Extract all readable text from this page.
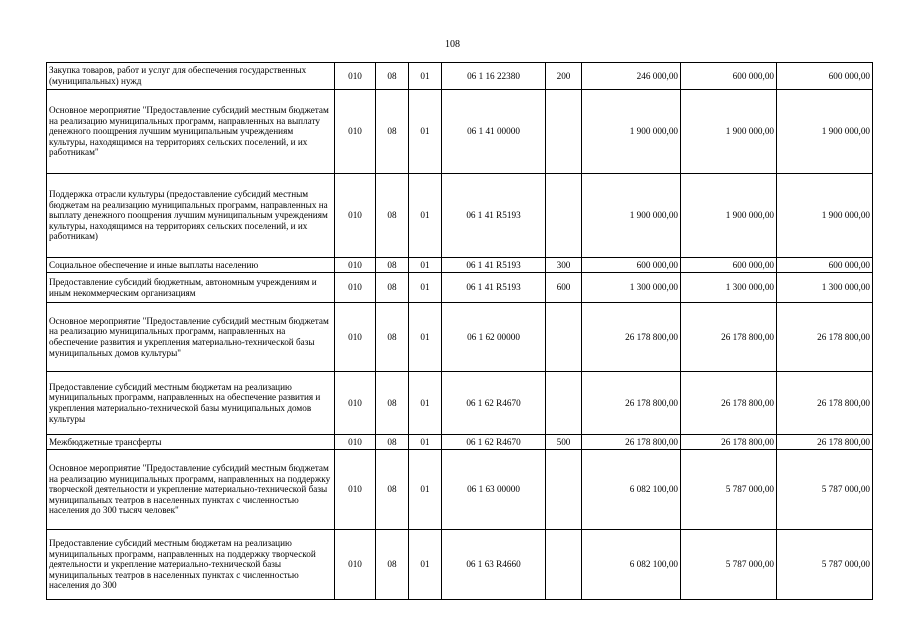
108
Закупка товаров, работ и услуг для обеспечения государственных (муниципальных) нужд	010	08	01	06 1 16 22380	200	246 000,00	600 000,00	600 000,00
Основное мероприятие "Предоставление субсидий местным бюджетам на реализацию муниципальных программ, направленных на выплату денежного поощрения лучшим муниципальным учреждениям культуры, находящимся на территориях сельских поселений, и их работникам"	010	08	01	06 1 41 00000		1 900 000,00	1 900 000,00	1 900 000,00
Поддержка отрасли культуры (предоставление субсидий местным бюджетам на реализацию муниципальных программ, направленных на выплату денежного поощрения лучшим муниципальным учреждениям культуры, находящимся на территориях сельских поселений, и их работникам)	010	08	01	06 1 41 R5193		1 900 000,00	1 900 000,00	1 900 000,00
Социальное обеспечение и иные выплаты населению	010	08	01	06 1 41 R5193	300	600 000,00	600 000,00	600 000,00
Предоставление субсидий бюджетным, автономным учреждениям и иным некоммерческим организациям	010	08	01	06 1 41 R5193	600	1 300 000,00	1 300 000,00	1 300 000,00
Основное мероприятие "Предоставление субсидий местным бюджетам на реализацию муниципальных программ, направленных на обеспечение развития и укрепления материально-технической базы муниципальных домов культуры"	010	08	01	06 1 62 00000		26 178 800,00	26 178 800,00	26 178 800,00
Предоставление субсидий местным бюджетам на реализацию муниципальных программ, направленных на обеспечение развития и укрепления материально-технической базы муниципальных домов культуры	010	08	01	06 1 62 R4670		26 178 800,00	26 178 800,00	26 178 800,00
Межбюджетные трансферты	010	08	01	06 1 62 R4670	500	26 178 800,00	26 178 800,00	26 178 800,00
Основное мероприятие "Предоставление субсидий местным бюджетам на реализацию муниципальных программ, направленных на поддержку творческой деятельности и укрепление материально-технической базы муниципальных театров в населенных пунктах с численностью населения до 300 тысяч человек"	010	08	01	06 1 63 00000		6 082 100,00	5 787 000,00	5 787 000,00
Предоставление субсидий местным бюджетам на реализацию муниципальных программ, направленных на поддержку творческой деятельности и укрепление материально-технической базы муниципальных театров в населенных пунктах с численностью населения до 300	010	08	01	06 1 63 R4660		6 082 100,00	5 787 000,00	5 787 000,00
